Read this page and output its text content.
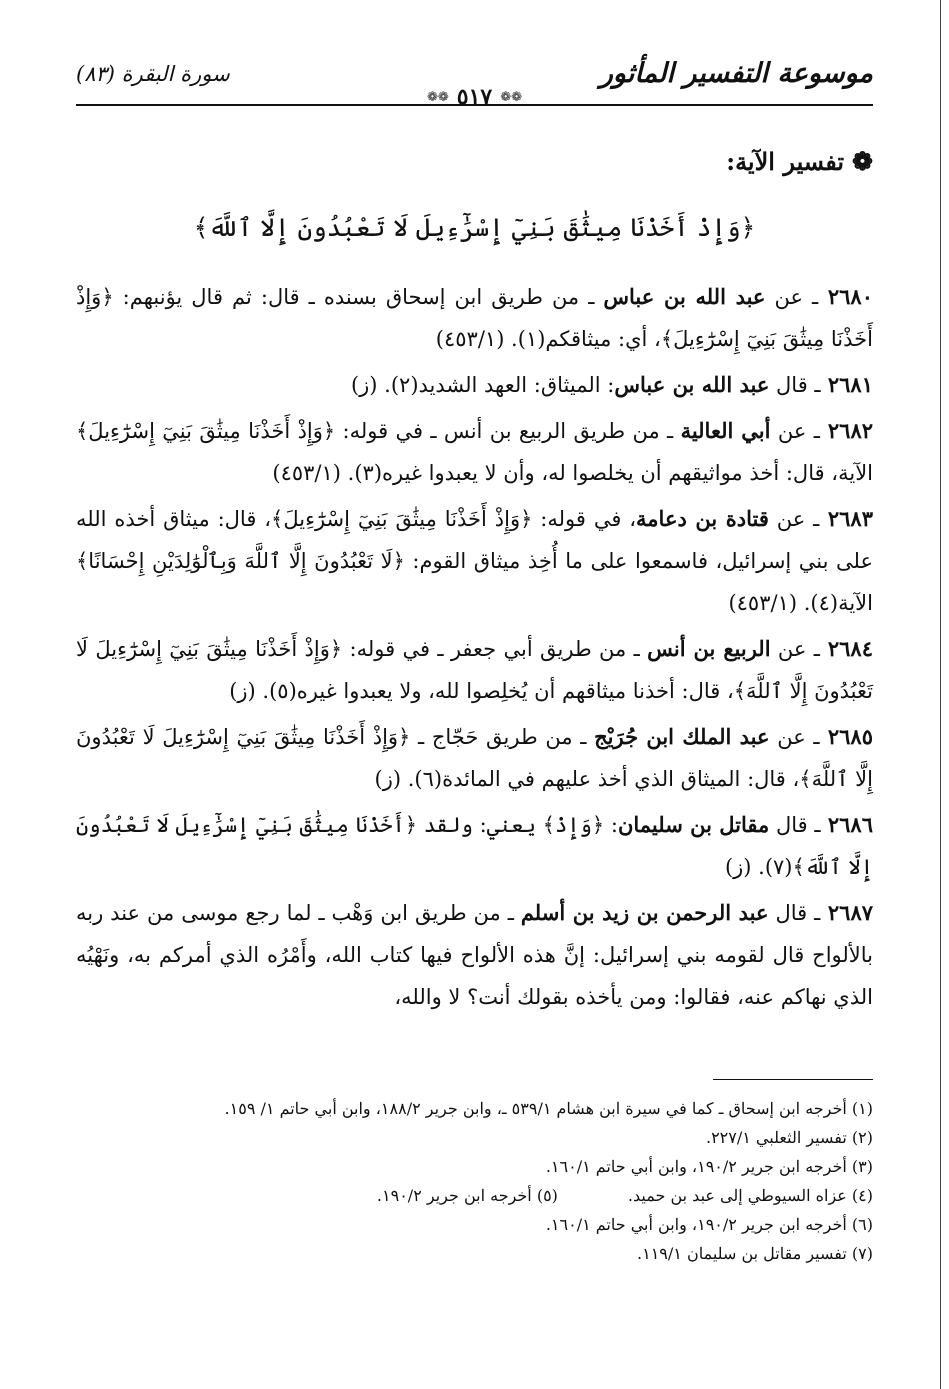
موسوعة التفسير المأثور
❁❁ ٥١٧ ❁❁
سورة البقرة (٨٣)
❁
تفسير الآية:
﴿وَإِذْ أَخَذْنَا مِيثَٰقَ بَنِيٓ إِسْرَٰٓءِيلَ لَا تَعْبُدُونَ إِلَّا ٱللَّهَ﴾
٢٦٨٠ ـ عن عبد الله بن عباس ـ من طريق ابن إسحاق بسنده ـ قال: ثم قال يؤنبهم: ﴿وَإِذْ أَخَذْنَا مِيثَٰقَ بَنِيٓ إِسْرَٰٓءِيلَ﴾، أي: ميثاقكم(١). (٤٥٣/١)
٢٦٨١ ـ قال عبد الله بن عباس: الميثاق: العهد الشديد(٢). (ز)
٢٦٨٢ ـ عن أبي العالية ـ من طريق الربيع بن أنس ـ في قوله: ﴿وَإِذْ أَخَذْنَا مِيثَٰقَ بَنِيٓ إِسْرَٰٓءِيلَ﴾ الآية، قال: أخذ مواثيقهم أن يخلصوا له، وأن لا يعبدوا غيره(٣). (٤٥٣/١)
٢٦٨٣ ـ عن قتادة بن دعامة، في قوله: ﴿وَإِذْ أَخَذْنَا مِيثَٰقَ بَنِيٓ إِسْرَٰٓءِيلَ﴾، قال: ميثاق أخذه الله على بني إسرائيل، فاسمعوا على ما أُخِذ ميثاق القوم: ﴿لَا تَعْبُدُونَ إِلَّا ٱللَّهَ وَبِٱلْوَٰلِدَيْنِ إِحْسَانًا﴾ الآية(٤). (٤٥٣/١)
٢٦٨٤ ـ عن الربيع بن أنس ـ من طريق أبي جعفر ـ في قوله: ﴿وَإِذْ أَخَذْنَا مِيثَٰقَ بَنِيٓ إِسْرَٰٓءِيلَ لَا تَعْبُدُونَ إِلَّا ٱللَّهَ﴾، قال: أخذنا ميثاقهم أن يُخلِصوا لله، ولا يعبدوا غيره(٥). (ز)
٢٦٨٥ ـ عن عبد الملك ابن جُرَيْج ـ من طريق حَجّاج ـ ﴿وَإِذْ أَخَذْنَا مِيثَٰقَ بَنِيٓ إِسْرَٰٓءِيلَ لَا تَعْبُدُونَ إِلَّا ٱللَّهَ﴾، قال: الميثاق الذي أخذ عليهم في المائدة(٦). (ز)
٢٦٨٦ ـ قال مقاتل بن سليمان: ﴿وَإِذْ﴾ يعني: ولقد ﴿أَخَذْنَا مِيثَٰقَ بَنِيٓ إِسْرَٰٓءِيلَ لَا تَعْبُدُونَ إِلَّا ٱللَّهَ﴾(٧). (ز)
٢٦٨٧ ـ قال عبد الرحمن بن زيد بن أسلم ـ من طريق ابن وَهْب ـ لما رجع موسى من عند ربه بالألواح قال لقومه بني إسرائيل: إنَّ هذه الألواح فيها كتاب الله، وأَمْرُه الذي أمركم به، ونَهْيُه الذي نهاكم عنه، فقالوا: ومن يأخذه بقولك أنت؟ لا والله،
(١) أخرجه ابن إسحاق ـ كما في سيرة ابن هشام ٥٣٩/١ ـ، وابن جرير ١٨٨/٢، وابن أبي حاتم ١/ ١٥٩.
(٢) تفسير الثعلبي ٢٢٧/١.
(٣) أخرجه ابن جرير ١٩٠/٢، وابن أبي حاتم ١٦٠/١.
(٤) عزاه السيوطي إلى عبد بن حميد.
(٥) أخرجه ابن جرير ١٩٠/٢.
(٦) أخرجه ابن جرير ١٩٠/٢، وابن أبي حاتم ١٦٠/١.
(٧) تفسير مقاتل بن سليمان ١١٩/١.
